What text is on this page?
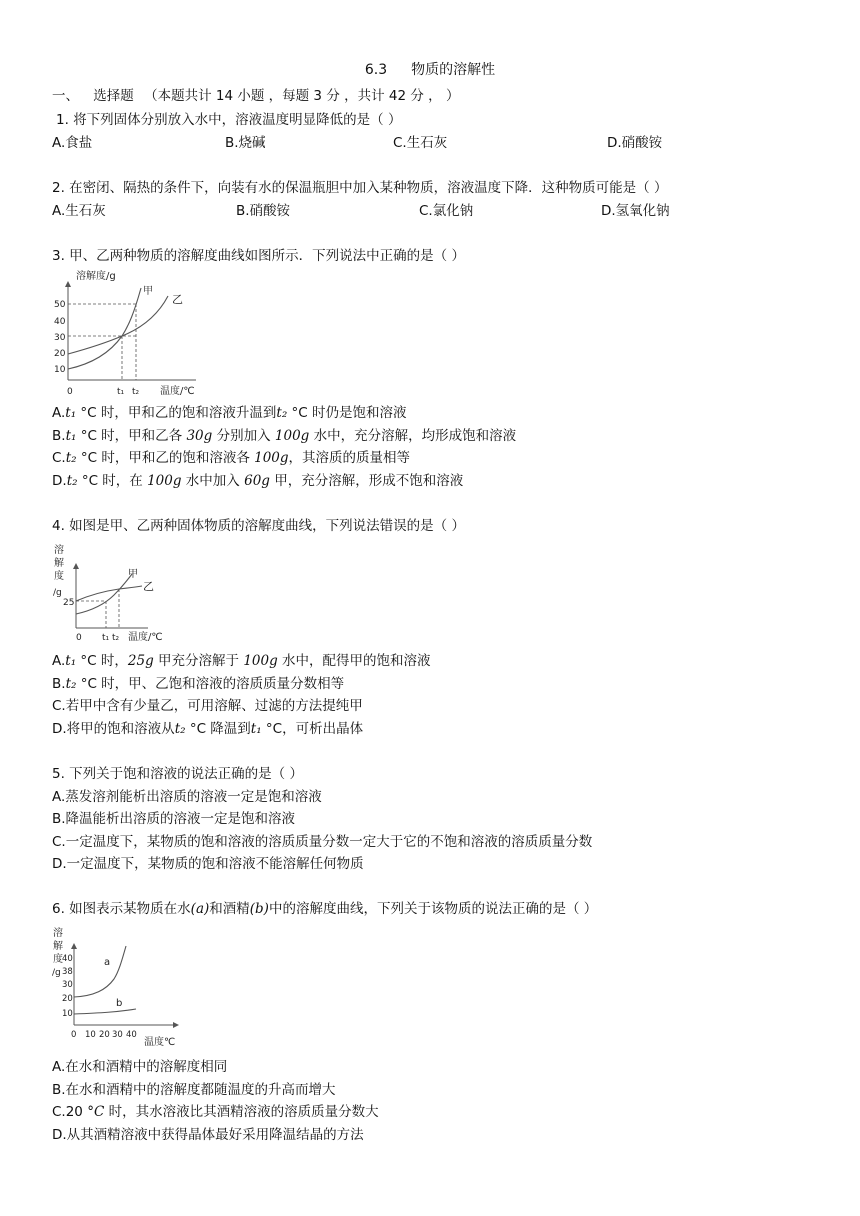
6.3 物质的溶解性
一、 选择题 （本题共计 14 小题 ，每题 3 分 ，共计 42 分 ， ）
1. 将下列固体分别放入水中，溶液温度明显降低的是（ ）
A.食盐	B.烧碱	C.生石灰	D.硝酸铵
2. 在密闭、隔热的条件下，向装有水的保温瓶胆中加入某种物质，溶液温度下降．这种物质可能是（ ）
A.生石灰	B.硝酸铵	C.氯化钠	D.氢氧化钠
3. 甲、乙两种物质的溶解度曲线如图所示．下列说法中正确的是（ ）
溶解度/g
50
40
30
20
10
0
甲
乙
t₁ t₂ 温度/℃
A.t₁ °C 时，甲和乙的饱和溶液升温到t₂ °C 时仍是饱和溶液
B.t₁ °C 时，甲和乙各 30g 分别加入 100g 水中，充分溶解，均形成饱和溶液
C.t₂ °C 时，甲和乙的饱和溶液各 100g，其溶质的质量相等
D.t₂ °C 时，在 100g 水中加入 60g 甲，充分溶解，形成不饱和溶液
4. 如图是甲、乙两种固体物质的溶解度曲线，下列说法错误的是（ ）
溶
解
度
/g
25
甲
乙
0 t₁ t₂ 温度/℃
A.t₁ °C 时，25g 甲充分溶解于 100g 水中，配得甲的饱和溶液
B.t₂ °C 时，甲、乙饱和溶液的溶质质量分数相等
C.若甲中含有少量乙，可用溶解、过滤的方法提纯甲
D.将甲的饱和溶液从t₂ °C 降温到t₁ °C，可析出晶体
5. 下列关于饱和溶液的说法正确的是（ ）
A.蒸发溶剂能析出溶质的溶液一定是饱和溶液
B.降温能析出溶质的溶液一定是饱和溶液
C.一定温度下，某物质的饱和溶液的溶质质量分数一定大于它的不饱和溶液的溶质质量分数
D.一定温度下，某物质的饱和溶液不能溶解任何物质
6. 如图表示某物质在水(a)和酒精(b)中的溶解度曲线，下列关于该物质的说法正确的是（ ）
溶
解
度
/g
40
38
30
20
10
a
b
0 10 20 30 40
温度℃
A.在水和酒精中的溶解度相同
B.在水和酒精中的溶解度都随温度的升高而增大
C.20 °C 时，其水溶液比其酒精溶液的溶质质量分数大
D.从其酒精溶液中获得晶体最好采用降温结晶的方法
